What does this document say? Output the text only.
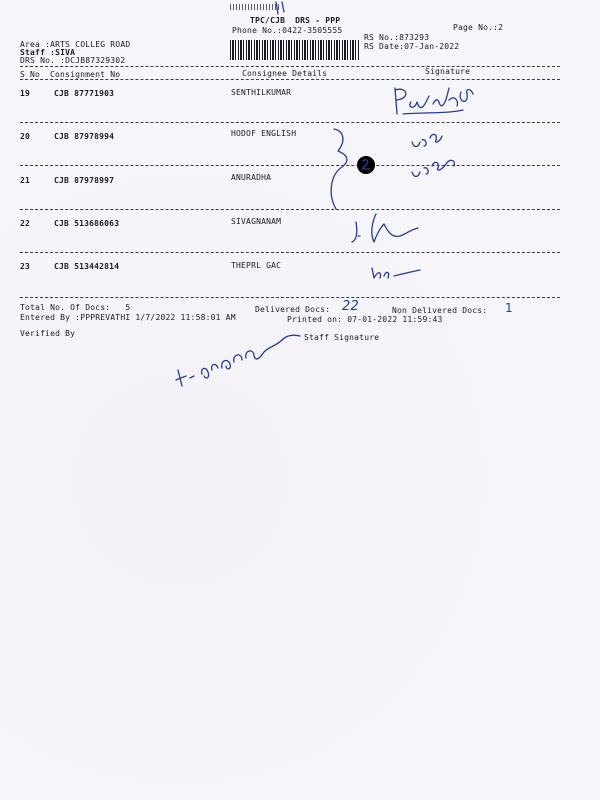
TPC/CJB  DRS - PPP
Phone No.:0422-3505555	Page No.:2
RS No.:873293
RS Date:07-Jan-2022
Area :ARTS COLLEG ROAD
Staff :SIVA
DRS No. :DCJB87329302
S No Consignment No	Consignee Details	Signature
19	CJB 87771903	SENTHILKUMAR
20	CJB 87978994	HODOF ENGLISH
21	CJB 87978997	ANURADHA
22	CJB 513686063	SIVAGNANAM
23	CJB 513442814	THEPRL GAC
Total No. Of Docs:   5	Delivered Docs: 22	Non Delivered Docs: 1
Entered By :PPPREVATHI 1/7/2022 11:58:01 AM	Printed on: 07-01-2022 11:59:43
Verified By	Staff Signature
